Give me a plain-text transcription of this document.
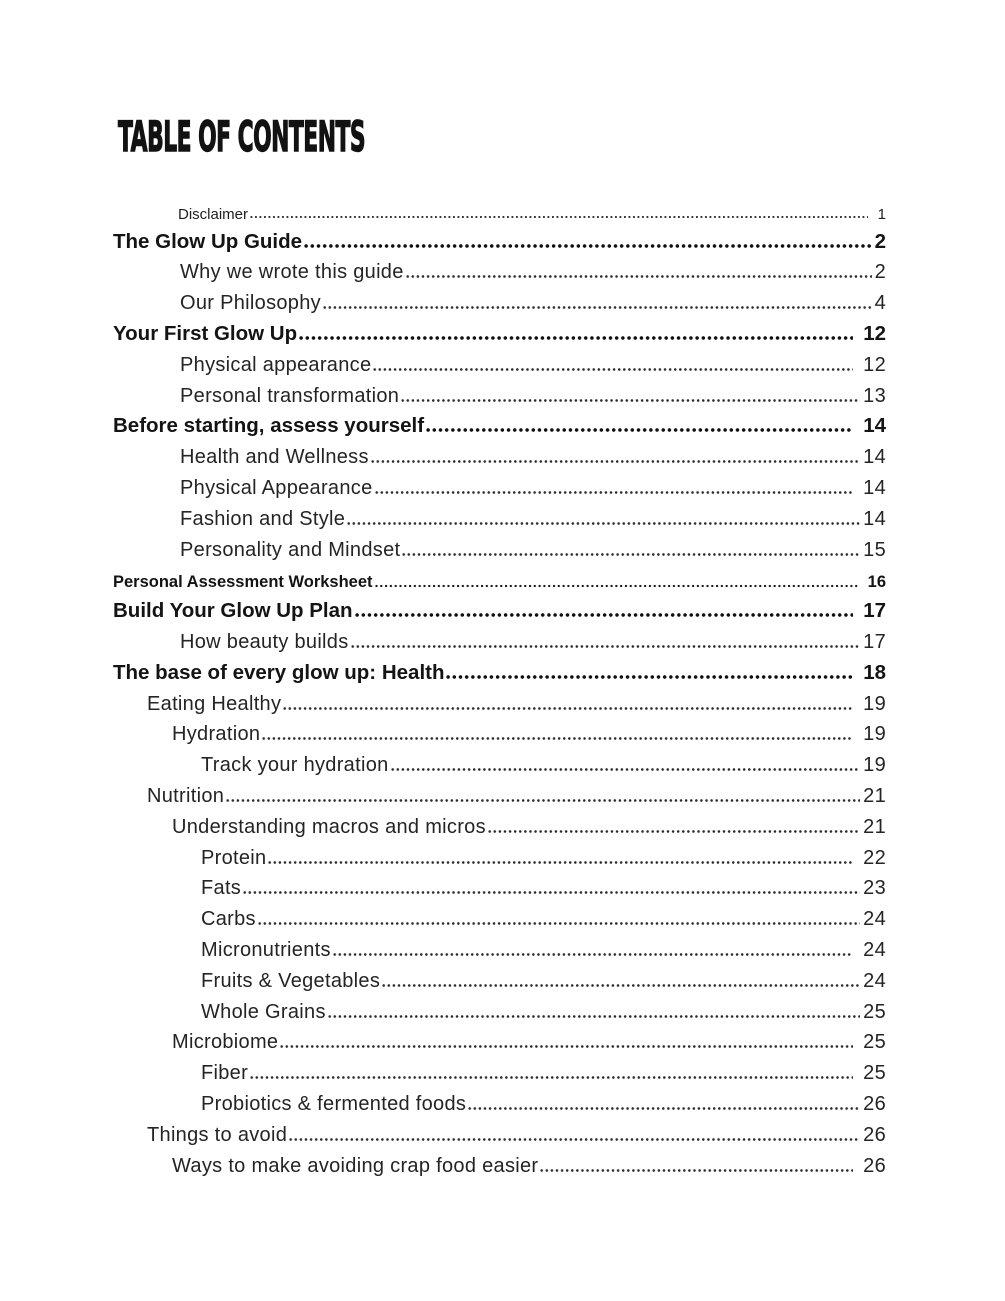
TABLE OF CONTENTS
Disclaimer	1
The Glow Up Guide	2
Why we wrote this guide	2
Our Philosophy	4
Your First Glow Up	12
Physical appearance	12
Personal transformation	13
Before starting, assess yourself	14
Health and Wellness	14
Physical Appearance	14
Fashion and Style	14
Personality and Mindset	15
Personal Assessment Worksheet	16
Build Your Glow Up Plan	17
How beauty builds	17
The base of every glow up: Health	18
Eating Healthy	19
Hydration	19
Track your hydration	19
Nutrition	21
Understanding macros and micros	21
Protein	22
Fats	23
Carbs	24
Micronutrients	24
Fruits & Vegetables	24
Whole Grains	25
Microbiome	25
Fiber	25
Probiotics & fermented foods	26
Things to avoid	26
Ways to make avoiding crap food easier	26
